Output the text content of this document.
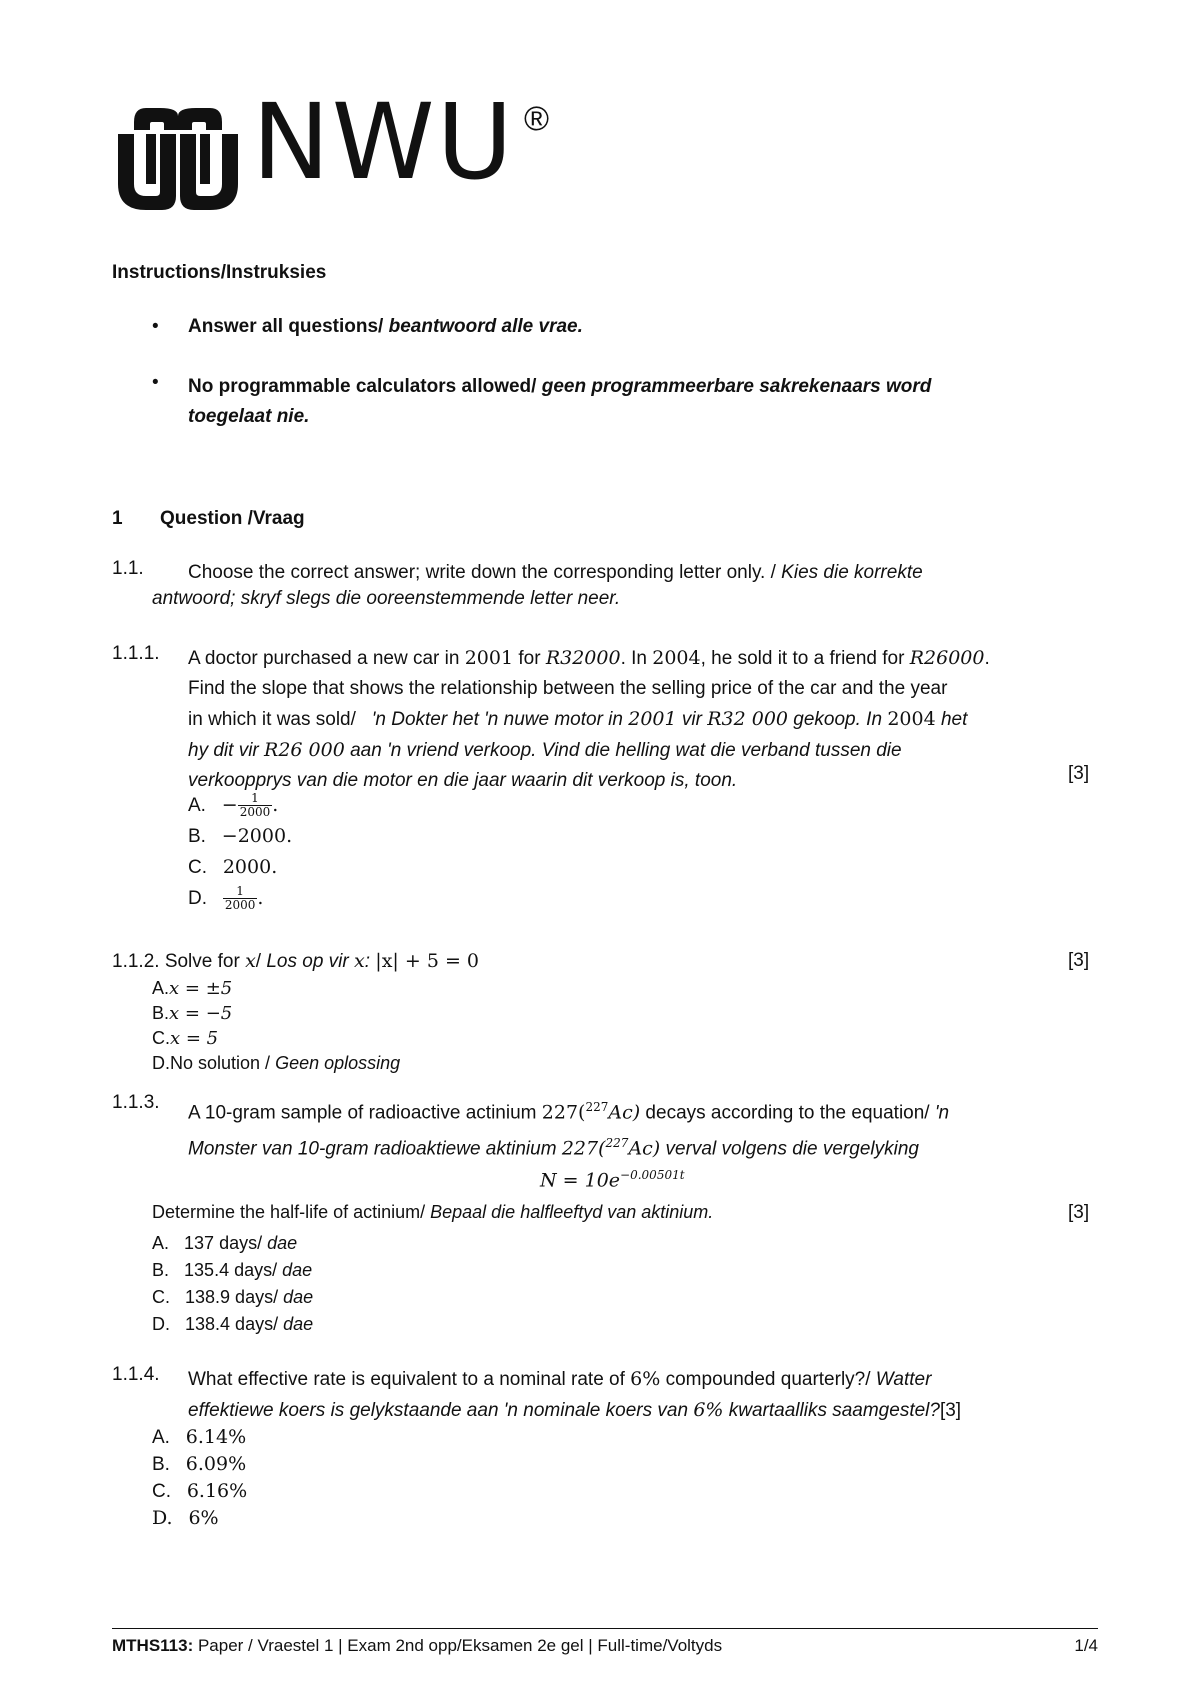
NWU ®
Instructions/Instruksies
• Answer all questions/ beantwoord alle vrae.
• No programmable calculators allowed/ geen programmeerbare sakrekenaars word
toegelaat nie.
1 Question /Vraag
1.1. Choose the correct answer; write down the corresponding letter only. / Kies die korrekte
antwoord; skryf slegs die ooreenstemmende letter neer.
1.1.1. A doctor purchased a new car in 2001 for R32000. In 2004, he sold it to a friend for R26000.
Find the slope that shows the relationship between the selling price of the car and the year
in which it was sold/ 'n Dokter het 'n nuwe motor in 2001 vir R32 000 gekoop. In 2004 het
hy dit vir R26 000 aan 'n vriend verkoop. Vind die helling wat die verband tussen die
verkoopprys van die motor en die jaar waarin dit verkoop is, toon.	[3]
A. − $\frac{1}{2000}$ .
B. −2000.
C. 2000.
D. $\frac{1}{2000}$ .
1.1.2. Solve for x/ Los op vir x: |x| + 5 = 0	[3]
A.x = ±5
B.x = −5
C.x = 5
D.No solution / Geen oplossing
1.1.3. A 10-gram sample of radioactive actinium 227($^{227}$Ac) decays according to the equation/ 'n
Monster van 10-gram radioaktiewe aktinium 227($^{227}$Ac) verval volgens die vergelyking
$N = 10e^{-0.00501t}$
Determine the half-life of actinium/ Bepaal die halfleeftyd van aktinium.	[3]
A. 137 days/ dae
B. 135.4 days/ dae
C. 138.9 days/ dae
D. 138.4 days/ dae
1.1.4. What effective rate is equivalent to a nominal rate of 6% compounded quarterly?/ Watter
effektiewe koers is gelykstaande aan 'n nominale koers van 6% kwartaalliks saamgestel?[3]
A. 6.14%
B. 6.09%
C. 6.16%
D. 6%
MTHS113: Paper / Vraestel 1 | Exam 2nd opp/Eksamen 2e gel | Full-time/Voltyds	1/4
